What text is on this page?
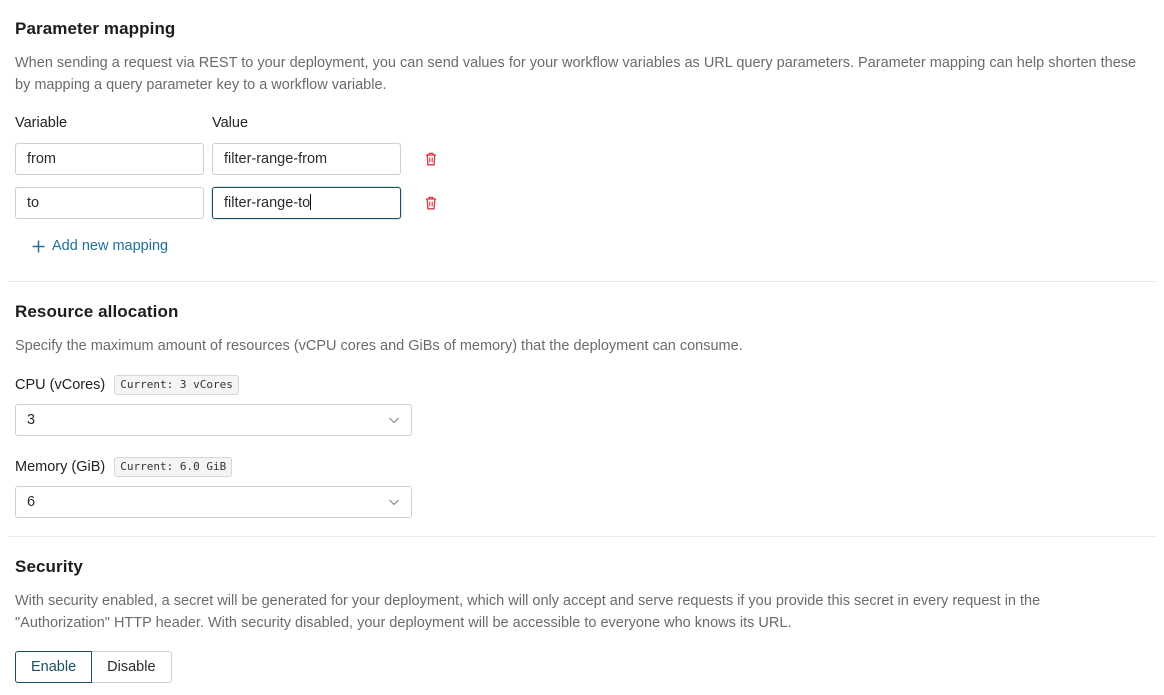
Parameter mapping
When sending a request via REST to your deployment, you can send values for your workflow variables as URL query parameters. Parameter mapping can help shorten these by mapping a query parameter key to a workflow variable.
Variable	Value
from	filter-range-from
to	filter-range-to
Add new mapping
Resource allocation
Specify the maximum amount of resources (vCPU cores and GiBs of memory) that the deployment can consume.
CPU (vCores)	Current: 3 vCores
3
Memory (GiB)	Current: 6.0 GiB
6
Security
With security enabled, a secret will be generated for your deployment, which will only accept and serve requests if you provide this secret in every request in the "Authorization" HTTP header. With security disabled, your deployment will be accessible to everyone who knows its URL.
Enable	Disable
